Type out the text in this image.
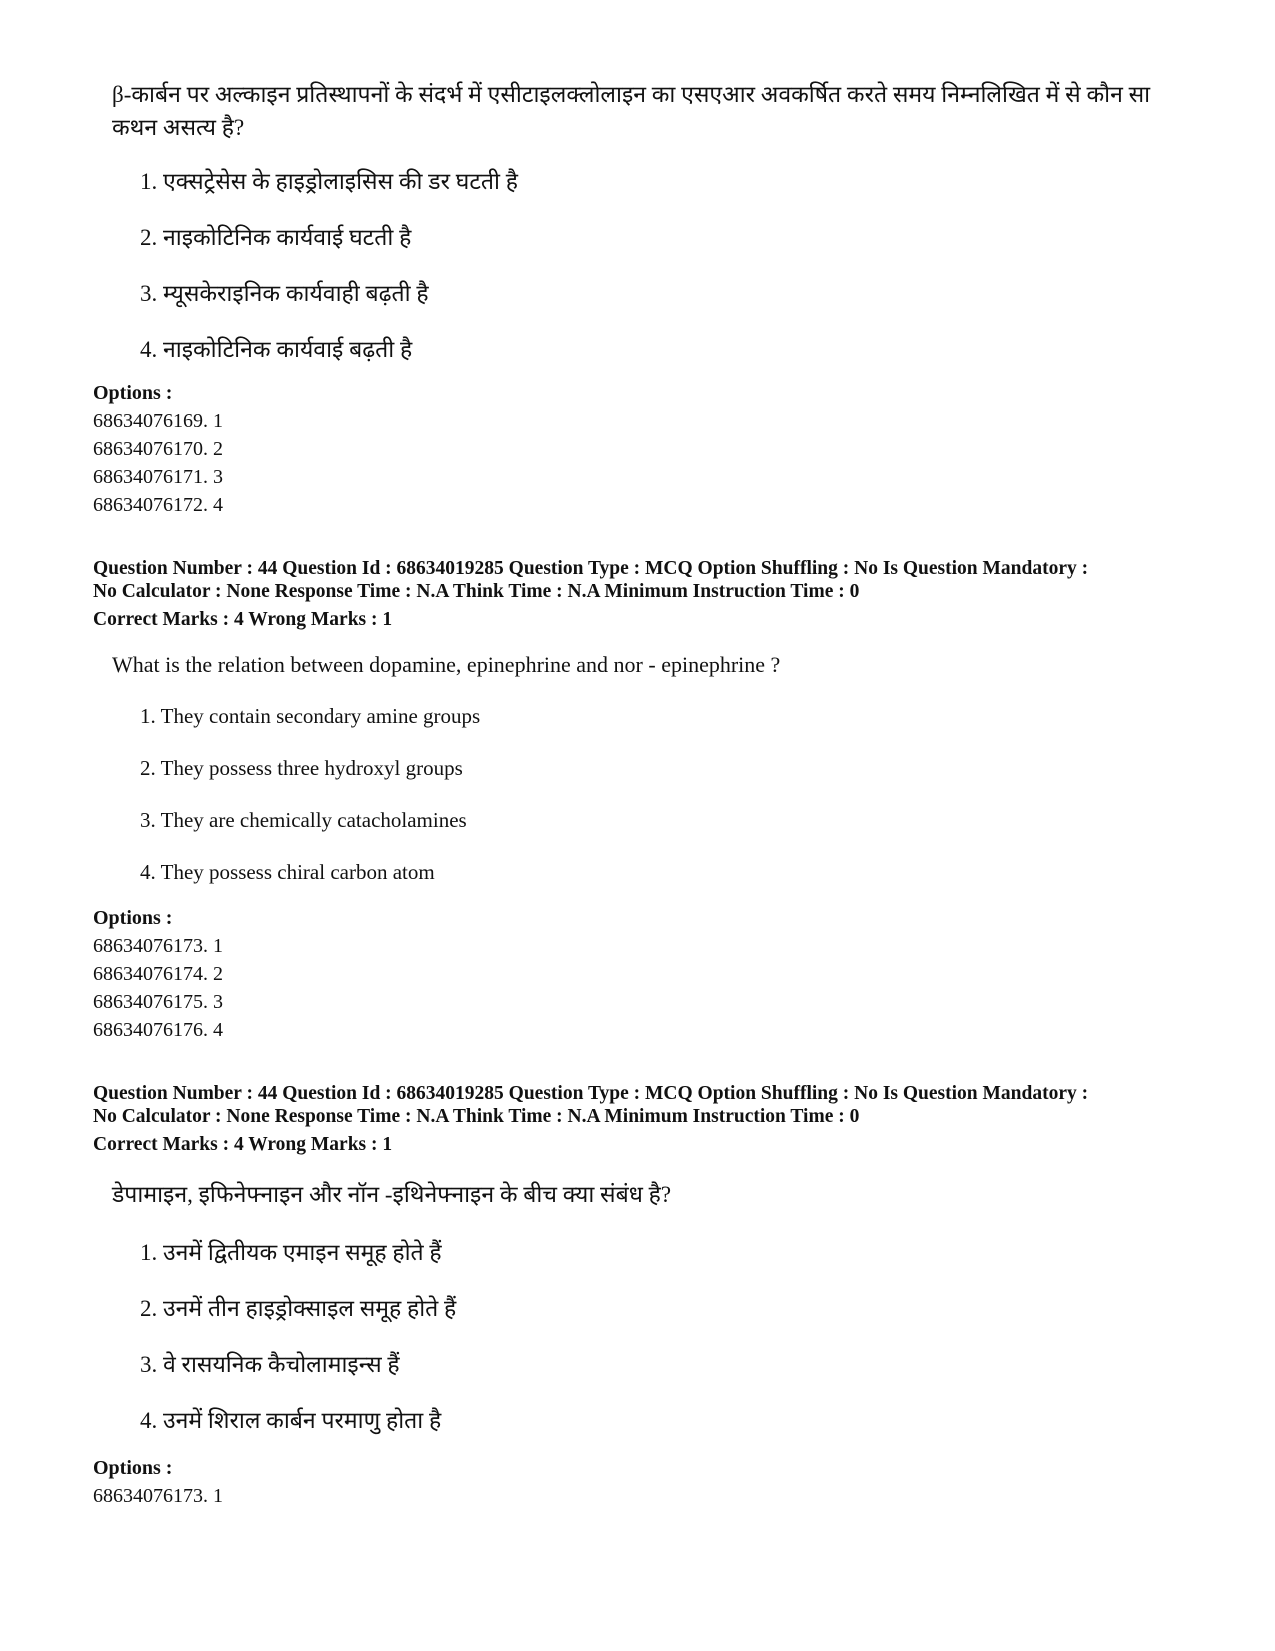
β-कार्बन पर अल्काइन प्रतिस्थापनों के संदर्भ में एसीटाइलक्लोलाइन का एसएआर अवकर्षित करते समय निम्नलिखित में से कौन सा कथन असत्य है?
1. एक्सट्रेसेस के हाइड्रोलाइसिस की डर घटती है
2. नाइकोटिनिक कार्यवाई घटती है
3. म्यूसकेराइनिक कार्यवाही बढ़ती है
4. नाइकोटिनिक कार्यवाई बढ़ती है
Options :
68634076169. 1
68634076170. 2
68634076171. 3
68634076172. 4
Question Number : 44 Question Id : 68634019285 Question Type : MCQ Option Shuffling : No Is Question Mandatory :
No Calculator : None Response Time : N.A Think Time : N.A Minimum Instruction Time : 0
Correct Marks : 4 Wrong Marks : 1
What is the relation between dopamine, epinephrine and nor - epinephrine ?
1. They contain secondary amine groups
2. They possess three hydroxyl groups
3. They are chemically catacholamines
4. They possess chiral carbon atom
Options :
68634076173. 1
68634076174. 2
68634076175. 3
68634076176. 4
Question Number : 44 Question Id : 68634019285 Question Type : MCQ Option Shuffling : No Is Question Mandatory :
No Calculator : None Response Time : N.A Think Time : N.A Minimum Instruction Time : 0
Correct Marks : 4 Wrong Marks : 1
डेपामाइन, इफिनेफ्नाइन और नॉन -इथिनेफ्नाइन के बीच क्या संबंध है?
1. उनमें द्वितीयक एमाइन समूह होते हैं
2. उनमें तीन हाइड्रोक्साइल समूह होते हैं
3. वे रासयनिक कैचोलामाइन्स हैं
4. उनमें शिराल कार्बन परमाणु होता है
Options :
68634076173. 1
